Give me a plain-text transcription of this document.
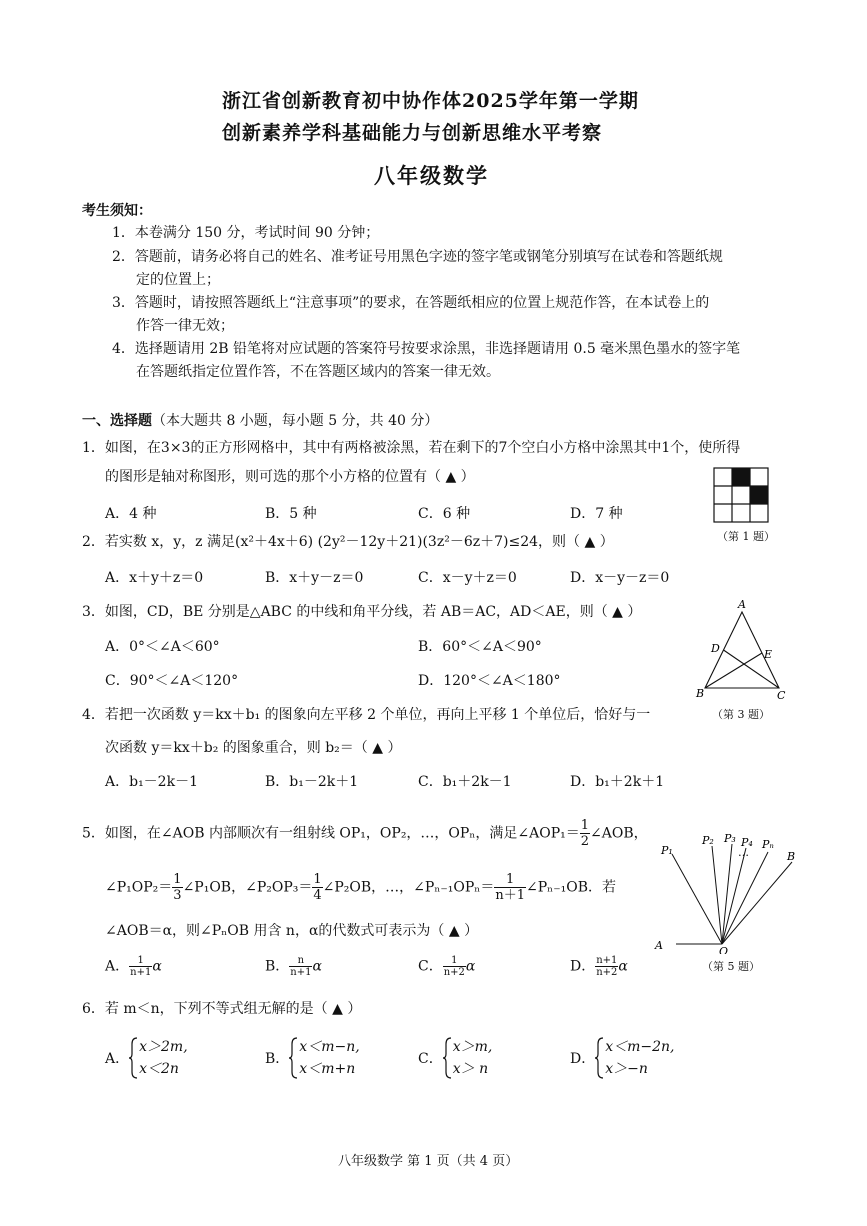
浙江省创新教育初中协作体2025学年第一学期
创新素养学科基础能力与创新思维水平考察
八年级数学
考生须知：
1．本卷满分 150 分，考试时间 90 分钟；
2．答题前，请务必将自己的姓名、准考证号用黑色字迹的签字笔或钢笔分别填写在试卷和答题纸规
定的位置上；
3．答题时，请按照答题纸上“注意事项”的要求，在答题纸相应的位置上规范作答，在本试卷上的
作答一律无效；
4．选择题请用 2B 铅笔将对应试题的答案符号按要求涂黑，非选择题请用 0.5 毫米黑色墨水的签字笔
在答题纸指定位置作答，不在答题区域内的答案一律无效。
一、选择题（本大题共 8 小题，每小题 5 分，共 40 分）
1．如图，在3×3的正方形网格中，其中有两格被涂黑，若在剩下的7个空白小方格中涂黑其中1个，使所得
的图形是轴对称图形，则可选的那个小方格的位置有（ ▲ ）
A．4 种	B．5 种	C．6 种	D．7 种
（第 1 题）
2．若实数 x，y，z 满足(x²＋4x＋6) (2y²－12y＋21)(3z²－6z＋7)≤24，则（ ▲ ）
A．x＋y＋z＝0	B．x＋y－z＝0	C．x－y＋z＝0	D．x－y－z＝0
3．如图，CD，BE 分别是△ABC 的中线和角平分线，若 AB＝AC，AD＜AE，则（ ▲ ）
A．0°＜∠A＜60°	B．60°＜∠A＜90°
C．90°＜∠A＜120°	D．120°＜∠A＜180°
A
D	E
B	C
（第 3 题）
4．若把一次函数 y＝kx＋b₁ 的图象向左平移 2 个单位，再向上平移 1 个单位后，恰好与一
次函数 y＝kx＋b₂ 的图象重合，则 b₂＝（ ▲ ）
A．b₁－2k－1	B．b₁－2k＋1	C．b₁＋2k－1	D．b₁＋2k＋1
5．如图，在∠AOB 内部顺次有一组射线 OP₁，OP₂，…，OPₙ，满足∠AOP₁＝ $\frac{1}{2}$ ∠AOB，
∠P₁OP₂＝ $\frac{1}{3}$ ∠P₁OB，∠P₂OP₃＝ $\frac{1}{4}$ ∠P₂OB，…，∠Pₙ₋₁OPₙ＝ $\frac{1}{n+1}$ ∠Pₙ₋₁OB．若
∠AOB＝α，则∠PₙOB 用含 n，α的代数式可表示为（ ▲ ）
A． $\frac{1}{n+1}$ α	B． $\frac{n}{n+1}$ α	C． $\frac{1}{n+2}$ α	D． $\frac{n+1}{n+2}$ α
P₁
P₂ P₃ P₄
…
Pₙ
B
A	O
（第 5 题）
6．若 m＜n，下列不等式组无解的是（ ▲ ）
A．
x＞2m,
x＜2n
B．
x＜m−n,
x＜m+n
C．
x＞m,
x＞ n
D．
x＜m−2n,
x＞−n
八年级数学 第 1 页（共 4 页）
